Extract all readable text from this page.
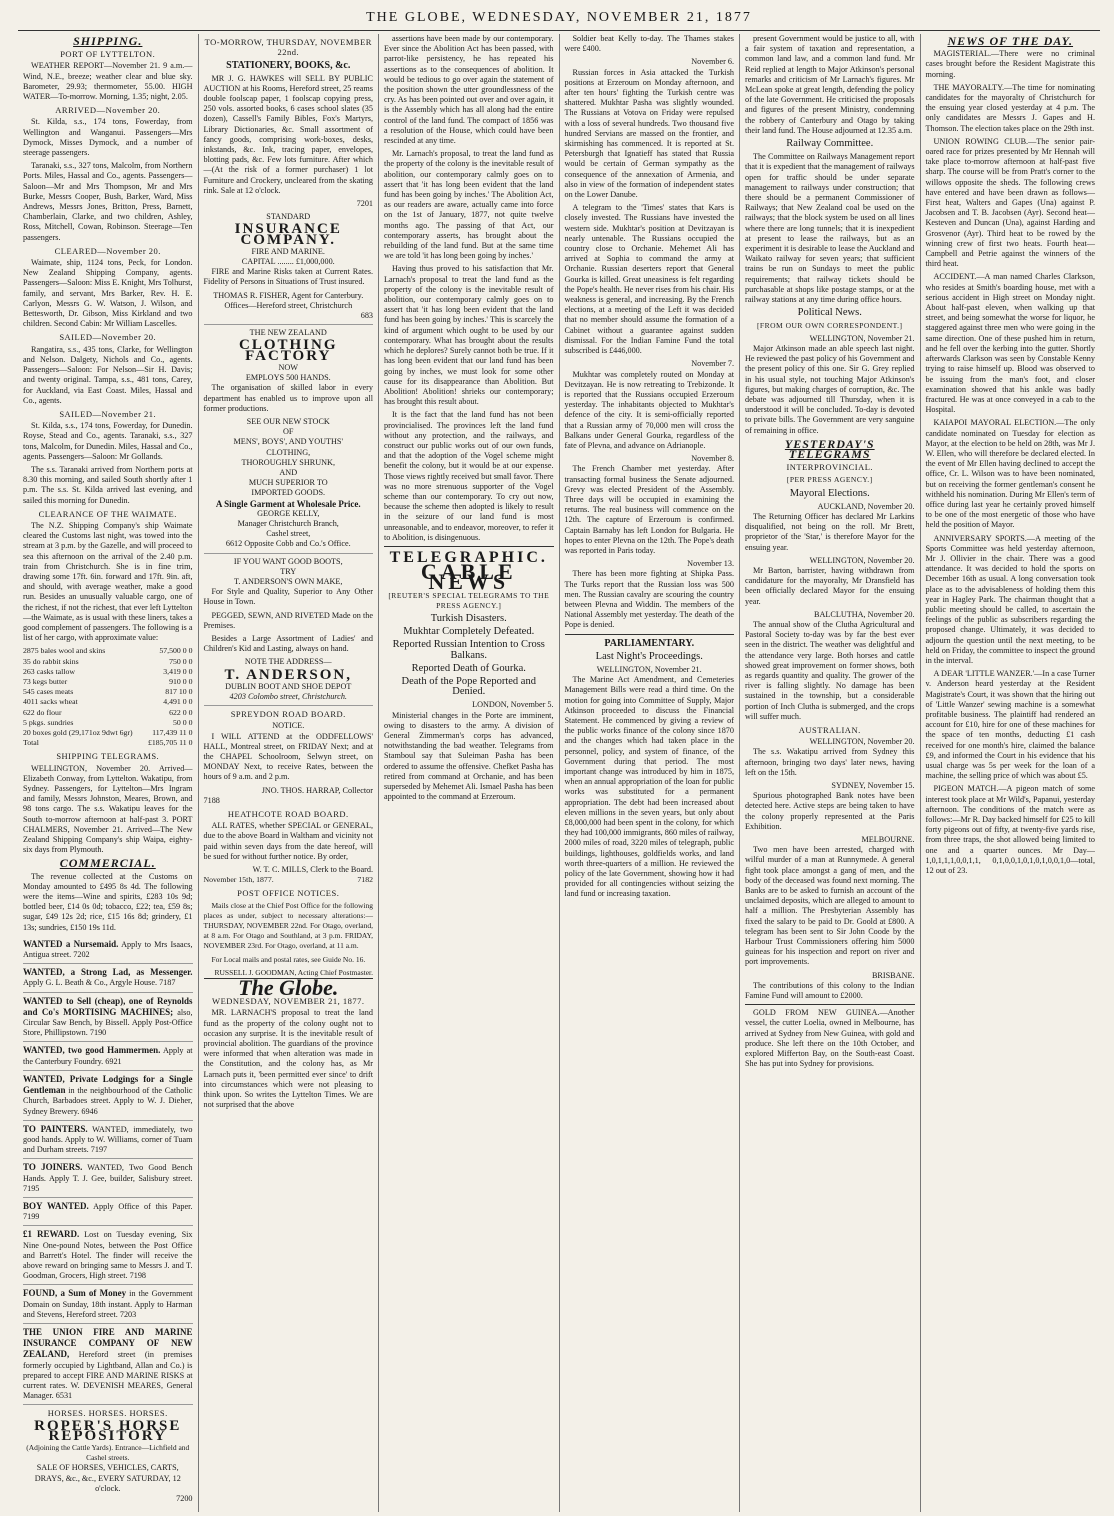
THE GLOBE, WEDNESDAY, NOVEMBER 21, 1877
SHIPPING.
PORT OF LYTTELTON.
WEATHER REPORT—November 21. 9 a.m.—Wind, N.E., breeze; weather clear and blue sky. Barometer, 29.93; thermometer, 55.00. HIGH WATER—To-morrow. Morning, 1.35; night, 2.05.
ARRIVED—November 20.
St. Kilda, s.s., 174 tons, Fowerday, from Wellington and Wanganui. Passengers—Mrs Dymock, Misses Dymock, and a number of steerage passengers.
Taranaki, s.s., 327 tons, Malcolm, from Northern Ports. Miles, Hassal and Co., agents. Passengers—Saloon—Mr and Mrs Thompson, Mr and Mrs Burke, Messrs Cooper, Bush, Barker, Ward, Miss Andrews, Messrs Jones, Britton, Press, Barnett, Chamberlain, Clarke, and two children, Ashley, Ross, Mitchell, Cowan, Robinson. Steerage—Ten passengers.
CLEARED—November 20.
Waimate, ship, 1124 tons, Peck, for London. New Zealand Shipping Company, agents. Passengers—Saloon: Miss E. Knight, Mrs Tolhurst, family, and servant, Mrs Barker, Rev. H. E. Carlyon, Messrs G. W. Watson, J. Wilson, and Bettesworth, Dr. Gibson, Miss Kirkland and two children. Second Cabin: Mr William Lascelles.
SAILED—November 20.
Rangatira, s.s., 435 tons, Clarke, for Wellington and Nelson. Dalgety, Nichols and Co., agents. Passengers—Saloon: For Nelson—Sir H. Davis; and twenty original. Tampa, s.s., 481 tons, Carey, for Auckland, via East Coast. Miles, Hassal and Co., agents.
SAILED—November 21.
St. Kilda, s.s., 174 tons, Fowerday, for Dunedin. Royse, Stead and Co., agents. Taranaki, s.s., 327 tons, Malcolm, for Dunedin. Miles, Hassal and Co., agents. Passengers—Saloon: Mr Gollands.
The s.s. Taranaki arrived from Northern ports at 8.30 this morning, and sailed South shortly after 1 p.m. The s.s. St. Kilda arrived last evening, and sailed this morning for Dunedin.
CLEARANCE OF THE WAIMATE.
The N.Z. Shipping Company's ship Waimate cleared the Customs last night, was towed into the stream at 3 p.m. by the Gazelle, and will proceed to sea this afternoon on the arrival of the 2.40 p.m. train from Christchurch. She is in fine trim, drawing some 17ft. 6in. forward and 17ft. 9in. aft, and should, with average weather, make a good run. Besides an unusually valuable cargo, one of the richest, if not the richest, that ever left Lyttelton—the Waimate, as is usual with these liners, takes a good complement of passengers. The following is a list of her cargo, with approximate value:
2875 bales wool and skins	57,500 0 0
35 do rabbit skins	750 0 0
263 casks tallow	3,419 0 0
73 kegs butter	910 0 0
545 cases meats	817 10 0
4011 sacks wheat	4,491 0 0
622 do flour	622 0 0
5 pkgs. sundries	50 0 0
20 boxes gold (29,171oz 9dwt 6gr)	117,439 11 0
Total	£185,705 11 0
SHIPPING TELEGRAMS.
WELLINGTON, November 20. Arrived—Elizabeth Conway, from Lyttelton. Wakatipu, from Sydney. Passengers, for Lyttelton—Mrs Ingram and family, Messrs Johnston, Meares, Brown, and 98 tons cargo. The s.s. Wakatipu leaves for the South to-morrow afternoon at half-past 3. PORT CHALMERS, November 21. Arrived—The New Zealand Shipping Company's ship Waipa, eighty-six days from Plymouth.
COMMERCIAL.
The revenue collected at the Customs on Monday amounted to £495 8s 4d. The following were the items—Wine and spirits, £283 10s 9d; bottled beer, £14 0s 0d; tobacco, £22; tea, £59 8s; sugar, £49 12s 2d; rice, £15 16s 8d; grindery, £1 13s; sundries, £150 19s 11d.
WANTED a Nursemaid. Apply to Mrs Isaacs, Antigua street. 7202
WANTED, a Strong Lad, as Messenger. Apply G. L. Beath & Co., Argyle House. 7187
WANTED to Sell (cheap), one of Reynolds and Co's MORTISING MACHINES; also, Circular Saw Bench, by Bissell. Apply Post-Office Store, Phillipstown. 7190
WANTED, two good Hammermen. Apply at the Canterbury Foundry. 6921
WANTED, Private Lodgings for a Single Gentleman in the neighbourhood of the Catholic Church, Barbadoes street. Apply to W. J. Dieher, Sydney Brewery. 6946
TO PAINTERS. WANTED, immediately, two good hands. Apply to W. Williams, corner of Tuam and Durham streets. 7197
TO JOINERS. WANTED, Two Good Bench Hands. Apply T. J. Gee, builder, Salisbury street. 7195
BOY WANTED. Apply Office of this Paper. 7199
£1 REWARD. Lost on Tuesday evening, Six Nine One-pound Notes, between the Post Office and Barrett's Hotel. The finder will receive the above reward on bringing same to Messrs J. and T. Goodman, Grocers, High street. 7198
FOUND, a Sum of Money in the Government Domain on Sunday, 18th instant. Apply to Harman and Stevens, Hereford street. 7203
THE UNION FIRE AND MARINE INSURANCE COMPANY OF NEW ZEALAND, Hereford street (in premises formerly occupied by Lightband, Allan and Co.) is prepared to accept FIRE AND MARINE RISKS at current rates. W. DEVENISH MEARES, General Manager. 6531
HORSES. HORSES. HORSES.
ROPER'S HORSE REPOSITORY
(Adjoining the Cattle Yards). Entrance—Lichfield and Cashel streets.
SALE OF HORSES, VEHICLES, CARTS, DRAYS, &c., &c., EVERY SATURDAY, 12 o'clock.
7200
TO-MORROW, THURSDAY, NOVEMBER 22nd.
STATIONERY, BOOKS, &c.
MR J. G. HAWKES will SELL BY PUBLIC AUCTION at his Rooms, Hereford street, 25 reams double foolscap paper, 1 foolscap copying press, 250 vols. assorted books, 6 cases school slates (35 dozen), Cassell's Family Bibles, Fox's Martyrs, Library Dictionaries, &c. Small assortment of fancy goods, comprising work-boxes, desks, inkstands, &c. Ink, tracing paper, envelopes, blotting pads, &c. Few lots furniture. After which—(At the risk of a former purchaser) 1 lot Furniture and Crockery, uncleared from the skating rink. Sale at 12 o'clock.
7201
STANDARD
INSURANCE COMPANY.
FIRE AND MARINE.
CAPITAL ........ £1,000,000.
FIRE and Marine Risks taken at Current Rates. Fidelity of Persons in Situations of Trust insured.
THOMAS R. FISHER, Agent for Canterbury.
Offices—Hereford street, Christchurch
683
THE NEW ZEALAND
CLOTHING FACTORY
NOW
EMPLOYS 500 HANDS.
The organisation of skilled labor in every department has enabled us to improve upon all former productions.
SEE OUR NEW STOCK
OF
MENS', BOYS', AND YOUTHS'
CLOTHING,
THOROUGHLY SHRUNK,
AND
MUCH SUPERIOR TO
IMPORTED GOODS.
A Single Garment at Wholesale Price.
GEORGE KELLY,
Manager Christchurch Branch,
Cashel street,
6612 Opposite Cobb and Co.'s Office.
IF YOU WANT GOOD BOOTS,
TRY
T. ANDERSON'S OWN MAKE,
For Style and Quality, Superior to Any Other House in Town.
PEGGED, SEWN, AND RIVETED Made on the Premises.
Besides a Large Assortment of Ladies' and Children's Kid and Lasting, always on hand.
NOTE THE ADDRESS—
T. ANDERSON,
DUBLIN BOOT AND SHOE DEPOT
4203 Colombo street, Christchurch.
SPREYDON ROAD BOARD.
NOTICE.
I WILL ATTEND at the ODDFELLOWS' HALL, Montreal street, on FRIDAY Next; and at the CHAPEL Schoolroom, Selwyn street, on MONDAY Next, to receive Rates, between the hours of 9 a.m. and 2 p.m.
JNO. THOS. HARRAP, Collector
7188
HEATHCOTE ROAD BOARD.
ALL RATES, whether SPECIAL or GENERAL, due to the above Board in Waltham and vicinity not paid within seven days from the date hereof, will be sued for without further notice. By order,
W. T. C. MILLS, Clerk to the Board.
November 15th, 1877.	7182
POST OFFICE NOTICES.
Mails close at the Chief Post Office for the following places as under, subject to necessary alterations:— THURSDAY, NOVEMBER 22nd. For Otago, overland, at 8 a.m. For Otago and Southland, at 3 p.m. FRIDAY, NOVEMBER 23rd. For Otago, overland, at 11 a.m.
For Local mails and postal rates, see Guide No. 16.
RUSSELL J. GOODMAN, Acting Chief Postmaster.
The Globe.
WEDNESDAY, NOVEMBER 21, 1877.
MR. LARNACH'S proposal to treat the land fund as the property of the colony ought not to occasion any surprise. It is the inevitable result of provincial abolition. The guardians of the province were informed that when alteration was made in the Constitution, and the colony has, as Mr Larnach puts it, 'been permitted ever since' to drift into circumstances which were not pleasing to think upon. So writes the Lyttelton Times. We are not surprised that the above
assertions have been made by our contemporary. Ever since the Abolition Act has been passed, with parrot-like persistency, he has repeated his assertions as to the consequences of abolition. It would be tedious to go over again the statement of the position shown the utter groundlessness of the cry. As has been pointed out over and over again, it is the Assembly which has all along had the entire control of the land fund. The compact of 1856 was a resolution of the House, which could have been rescinded at any time.
Mr. Larnach's proposal, to treat the land fund as the property of the colony is the inevitable result of abolition, our contemporary calmly goes on to assert that 'it has long been evident that the land fund has been going by inches.' The Abolition Act, as our readers are aware, actually came into force on the 1st of January, 1877, not quite twelve months ago. The passing of that Act, our contemporary asserts, has brought about the rebuilding of the land fund. But at the same time we are told 'it has long been going by inches.'
Having thus proved to his satisfaction that Mr. Larnach's proposal to treat the land fund as the property of the colony is the inevitable result of abolition, our contemporary calmly goes on to assert that 'it has long been evident that the land fund has been going by inches.' This is scarcely the kind of argument which ought to be used by our contemporary. What has brought about the results which he deplores? Surely cannot both be true. If it has long been evident that our land fund has been going by inches, we must look for some other cause for its disappearance than Abolition. But Abolition! Abolition! shrieks our contemporary; has brought this result about.
It is the fact that the land fund has not been provincialised. The provinces left the land fund without any protection, and the railways, and construct our public works out of our own funds, and that the adoption of the Vogel scheme might benefit the colony, but it would be at our expense. Those views rightly received but small favor. There was no more strenuous supporter of the Vogel scheme than our contemporary. To cry out now, because the scheme then adopted is likely to result in the seizure of our land fund is most unreasonable, and to endeavor, moreover, to refer it to Abolition, is disingenuous.
TELEGRAPHIC.
CABLE NEWS
[REUTER'S SPECIAL TELEGRAMS TO THE PRESS AGENCY.]
Turkish Disasters.
Mukhtar Completely Defeated.
Reported Russian Intention to Cross Balkans.
Reported Death of Gourka.
Death of the Pope Reported and Denied.
LONDON, November 5.
Ministerial changes in the Porte are imminent, owing to disasters to the army. A division of General Zimmerman's corps has advanced, notwithstanding the bad weather. Telegrams from Stamboul say that Suleiman Pasha has been ordered to assume the offensive. Chefket Pasha has retired from command at Orchanie, and has been superseded by Mehemet Ali. Ismael Pasha has been appointed to the command at Erzeroum.
Soldier beat Kelly to-day. The Thames stakes were £400.
November 6.
Russian forces in Asia attacked the Turkish positions at Erzeroum on Monday afternoon, and after ten hours' fighting the Turkish centre was shattered. Mukhtar Pasha was slightly wounded. The Russians at Votova on Friday were repulsed with a loss of several hundreds. Two thousand five hundred Servians are massed on the frontier, and skirmishing has commenced. It is reported at St. Petersburgh that Ignatieff has stated that Russia would be certain of German sympathy as the consequence of the annexation of Armenia, and also in view of the formation of independent states on the Lower Danube.
A telegram to the 'Times' states that Kars is closely invested. The Russians have invested the western side. Mukhtar's position at Devitzayan is nearly untenable. The Russians occupied the country close to Orchanie. Mehemet Ali has arrived at Sophia to command the army at Orchanie. Russian deserters report that General Gourka is killed. Great uneasiness is felt regarding the Pope's health. He never rises from his chair. His weakness is general, and increasing. By the French elections, at a meeting of the Left it was decided that no member should assume the formation of a Cabinet without a guarantee against sudden dismissal. For the Indian Famine Fund the total subscribed is £446,000.
November 7.
Mukhtar was completely routed on Monday at Devitzayan. He is now retreating to Trebizonde. It is reported that the Russians occupied Erzeroum yesterday. The inhabitants objected to Mukhtar's defence of the city. It is semi-officially reported that a Russian army of 70,000 men will cross the Balkans under General Gourka, regardless of the fate of Plevna, and advance on Adrianople.
November 8.
The French Chamber met yesterday. After transacting formal business the Senate adjourned. Grevy was elected President of the Assembly. Three days will be occupied in examining the returns. The real business will commence on the 12th. The capture of Erzeroum is confirmed. Captain Barnaby has left London for Bulgaria. He hopes to enter Plevna on the 12th. The Pope's death was reported in Paris today.
November 13.
There has been more fighting at Shipka Pass. The Turks report that the Russian loss was 500 men. The Russian cavalry are scouring the country between Plevna and Widdin. The members of the National Assembly met yesterday. The death of the Pope is denied.
PARLIAMENTARY.
Last Night's Proceedings.
WELLINGTON, November 21.
The Marine Act Amendment, and Cemeteries Management Bills were read a third time. On the motion for going into Committee of Supply, Major Atkinson proceeded to discuss the Financial Statement. He commenced by giving a review of the public works finance of the colony since 1870 and the changes which had taken place in the personnel, policy, and system of finance, of the Government during that period. The most important change was introduced by him in 1875, when an annual appropriation of the loan for public works was substituted for a permanent appropriation. The debt had been increased about eleven millions in the seven years, but only about £8,000,000 had been spent in the colony, for which they had 100,000 immigrants, 860 miles of railway, 2000 miles of road, 3220 miles of telegraph, public buildings, lighthouses, goldfields works, and land worth three-quarters of a million. He reviewed the policy of the late Government, showing how it had provided for all contingencies without seizing the land fund or increasing taxation.
present Government would be justice to all, with a fair system of taxation and representation, a common land law, and a common land fund. Mr Reid replied at length to Major Atkinson's personal remarks and criticism of Mr Larnach's figures. Mr McLean spoke at great length, defending the policy of the late Government. He criticised the proposals and figures of the present Ministry, condemning the robbery of Canterbury and Otago by taking their land fund. The House adjourned at 12.35 a.m.
Railway Committee.
The Committee on Railways Management report that it is expedient that the management of railways open for traffic should be under separate management to railways under construction; that there should be a permanent Commissioner of Railways; that New Zealand coal be used on the railways; that the block system be used on all lines where there are long tunnels; that it is inexpedient at present to lease the railways, but as an experiment it is desirable to lease the Auckland and Waikato railway for seven years; that sufficient trains be run on Sundays to meet the public requirements; that railway tickets should be purchasable at shops like postage stamps, or at the railway stations at any time during office hours.
Political News.
[FROM OUR OWN CORRESPONDENT.]
WELLINGTON, November 21.
Major Atkinson made an able speech last night. He reviewed the past policy of his Government and the present policy of this one. Sir G. Grey replied in his usual style, not touching Major Atkinson's figures, but making charges of corruption, &c. The debate was adjourned till Thursday, when it is understood it will be concluded. To-day is devoted to private bills. The Government are very sanguine of remaining in office.
YESTERDAY'S TELEGRAMS
INTERPROVINCIAL.
[PER PRESS AGENCY.]
Mayoral Elections.
AUCKLAND, November 20.
The Returning Officer has declared Mr Larkins disqualified, not being on the roll. Mr Brett, proprietor of the 'Star,' is therefore Mayor for the ensuing year.
WELLINGTON, November 20.
Mr Barton, barrister, having withdrawn from candidature for the mayoralty, Mr Dransfield has been officially declared Mayor for the ensuing year.
BALCLUTHA, November 20.
The annual show of the Clutha Agricultural and Pastoral Society to-day was by far the best ever seen in the district. The weather was delightful and the attendance very large. Both horses and cattle showed great improvement on former shows, both as regards quantity and quality. The grower of the river is falling slightly. No damage has been sustained in the township, but a considerable portion of Inch Clutha is submerged, and the crops will suffer much.
AUSTRALIAN.
WELLINGTON, November 20.
The s.s. Wakatipu arrived from Sydney this afternoon, bringing two days' later news, having left on the 15th.
SYDNEY, November 15.
Spurious photographed Bank notes have been detected here. Active steps are being taken to have the colony properly represented at the Paris Exhibition.
MELBOURNE.
Two men have been arrested, charged with wilful murder of a man at Runnymede. A general fight took place amongst a gang of men, and the body of the deceased was found next morning. The Banks are to be asked to furnish an account of the unclaimed deposits, which are alleged to amount to half a million. The Presbyterian Assembly has fixed the salary to be paid to Dr. Goold at £800. A telegram has been sent to Sir John Coode by the Harbour Trust Commissioners offering him 5000 guineas for his inspection and report on river and port improvements.
BRISBANE.
The contributions of this colony to the Indian Famine Fund will amount to £2000.
GOLD FROM NEW GUINEA.—Another vessel, the cutter Loelia, owned in Melbourne, has arrived at Sydney from New Guinea, with gold and produce. She left there on the 10th October, and explored Mifferton Bay, on the South-east Coast. She has put into Sydney for provisions.
NEWS OF THE DAY.
MAGISTERIAL.—There were no criminal cases brought before the Resident Magistrate this morning.
THE MAYORALTY.—The time for nominating candidates for the mayoralty of Christchurch for the ensuing year closed yesterday at 4 p.m. The only candidates are Messrs J. Gapes and H. Thomson. The election takes place on the 29th inst.
UNION ROWING CLUB.—The senior pair-oared race for prizes presented by Mr Hennah will take place to-morrow afternoon at half-past five sharp. The course will be from Pratt's corner to the willows opposite the sheds. The following crews have entered and have been drawn as follows—First heat, Walters and Gapes (Una) against P. Jacobsen and T. B. Jacobsen (Ayr). Second heat—Kesteven and Duncan (Una), against Harding and Grosvenor (Ayr). Third heat to be rowed by the winning crew of first two heats. Fourth heat—Campbell and Petrie against the winners of the third heat.
ACCIDENT.—A man named Charles Clarkson, who resides at Smith's boarding house, met with a serious accident in High street on Monday night. About half-past eleven, when walking up that street, and being somewhat the worse for liquor, he staggered against three men who were going in the same direction. One of these pushed him in return, and he fell over the kerbing into the gutter. Shortly afterwards Clarkson was seen by Constable Kenny trying to raise himself up. Blood was observed to be issuing from the man's foot, and closer examination showed that his ankle was badly fractured. He was at once conveyed in a cab to the Hospital.
KAIAPOI MAYORAL ELECTION.—The only candidate nominated on Tuesday for election as Mayor, at the election to be held on 28th, was Mr J. W. Ellen, who will therefore be declared elected. In the event of Mr Ellen having declined to accept the office, Cr. L. Wilson was to have been nominated, but on receiving the former gentleman's consent he withheld his nomination. During Mr Ellen's term of office during last year he certainly proved himself to be one of the most energetic of those who have held the position of Mayor.
ANNIVERSARY SPORTS.—A meeting of the Sports Committee was held yesterday afternoon, Mr J. Ollivier in the chair. There was a good attendance. It was decided to hold the sports on December 16th as usual. A long conversation took place as to the advisableness of holding them this year in Hagley Park. The chairman thought that a public meeting should be called, to ascertain the feelings of the public as subscribers regarding the proposed change. Ultimately, it was decided to adjourn the question until the next meeting, to be held on Friday, the committee to inspect the ground in the interval.
A DEAR 'LITTLE WANZER.'—In a case Turner v. Anderson heard yesterday at the Resident Magistrate's Court, it was shown that the hiring out of 'Little Wanzer' sewing machine is a somewhat profitable business. The plaintiff had rendered an account for £10, hire for one of these machines for the space of ten months, deducting £1 cash received for one month's hire, claimed the balance £9, and informed the Court in his evidence that his usual charge was 5s per week for the loan of a machine, the selling price of which was about £5.
PIGEON MATCH.—A pigeon match of some interest took place at Mr Wild's, Papanui, yesterday afternoon. The conditions of the match were as follows:—Mr R. Day backed himself for £25 to kill forty pigeons out of fifty, at twenty-five yards rise, from three traps, the shot allowed being limited to one and a quarter ounces. Mr Day—1,0,1,1,1,0,0,1,1, 0,1,0,0,1,0,1,0,1,0,0,1,0—total, 12 out of 23.
